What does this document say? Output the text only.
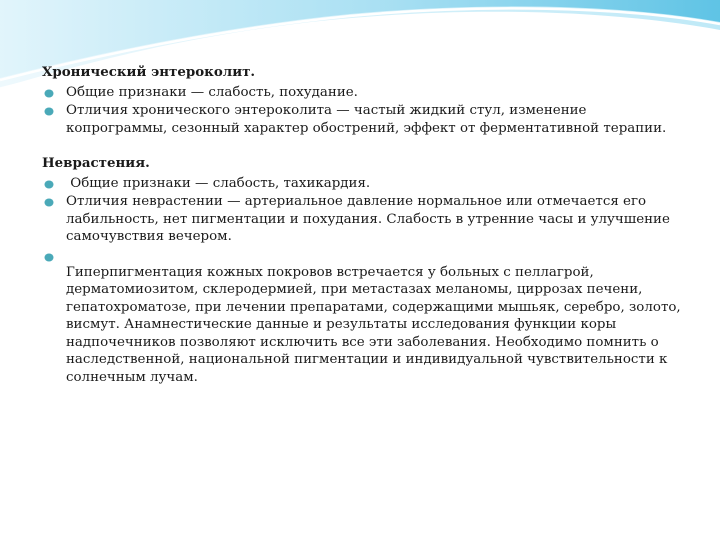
Хронический энтероколит.
Общие признаки — слабость, похудание.
Отличия хронического энтероколита — частый жидкий стул, изменение копрограммы, сезонный характер обострений, эффект от ферментативной терапии.
Неврастения.
Общие признаки — слабость, тахикардия.
Отличия неврастении — артериальное давление нормальное или отмечается его лабильность, нет пигментации и похудания. Слабость в утренние часы и улучшение самочувствия вечером.
Гиперпигментация кожных покровов встречается у больных с пеллагрой, дерматомиозитом, склеродермией, при метастазах меланомы, циррозах печени, гепатохроматозе, при лечении препаратами, содержащими мышьяк, серебро, золото, висмут. Анамнестические данные и результаты исследования функции коры надпочечников позволяют исключить все эти заболевания. Необходимо помнить о наследственной, национальной пигментации и индивидуальной чувствительности к солнечным лучам.
